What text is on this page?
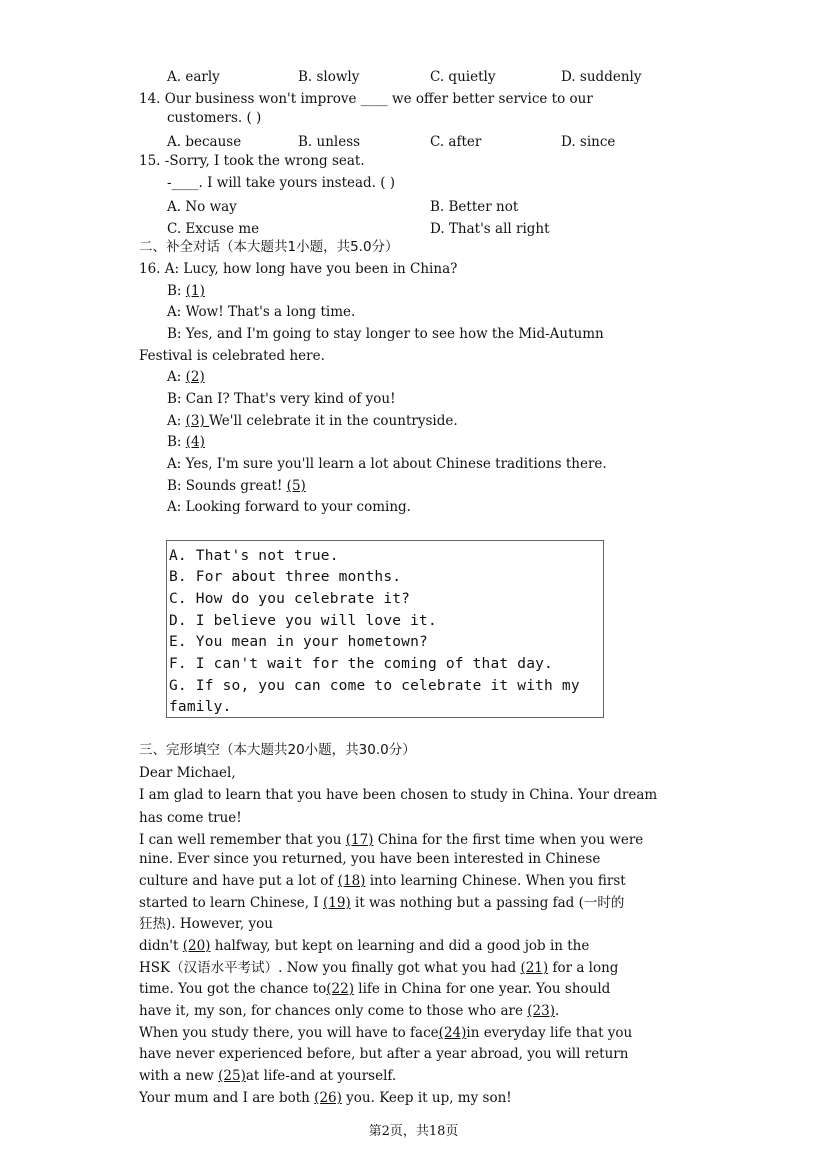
A. early	B. slowly	C. quietly	D. suddenly
14. Our business won't improve ____ we offer better service to our
customers. ( )
A. because	B. unless	C. after	D. since
15. -Sorry, I took the wrong seat.
-____. I will take yours instead. ( )
A. No way	B. Better not
C. Excuse me	D. That's all right
二、补全对话（本大题共1小题，共5.0分）
16. A: Lucy, how long have you been in China?
B: (1)
A: Wow! That's a long time.
B: Yes, and I'm going to stay longer to see how the Mid-Autumn
Festival is celebrated here.
A: (2)
B: Can I? That's very kind of you!
A: (3) We'll celebrate it in the countryside.
B: (4)
A: Yes, I'm sure you'll learn a lot about Chinese traditions there.
B: Sounds great! (5)
A: Looking forward to your coming.
A. That's not true.
B. For about three months.
C. How do you celebrate it?
D. I believe you will love it.
E. You mean in your hometown?
F. I can't wait for the coming of that day.
G. If so, you can come to celebrate it with my
family.
三、完形填空（本大题共20小题，共30.0分）
Dear Michael,
I am glad to learn that you have been chosen to study in China. Your dream
has come true!
I can well remember that you (17) China for the first time when you were
nine. Ever since you returned, you have been interested in Chinese
culture and have put a lot of (18) into learning Chinese. When you first
started to learn Chinese, I (19) it was nothing but a passing fad (一时的
狂热). However, you
didn't (20) halfway, but kept on learning and did a good job in the
HSK（汉语水平考试）. Now you finally got what you had (21) for a long
time. You got the chance to(22) life in China for one year. You should
have it, my son, for chances only come to those who are (23).
When you study there, you will have to face(24)in everyday life that you
have never experienced before, but after a year abroad, you will return
with a new (25)at life-and at yourself.
Your mum and I are both (26) you. Keep it up, my son!
第2页，共18页
